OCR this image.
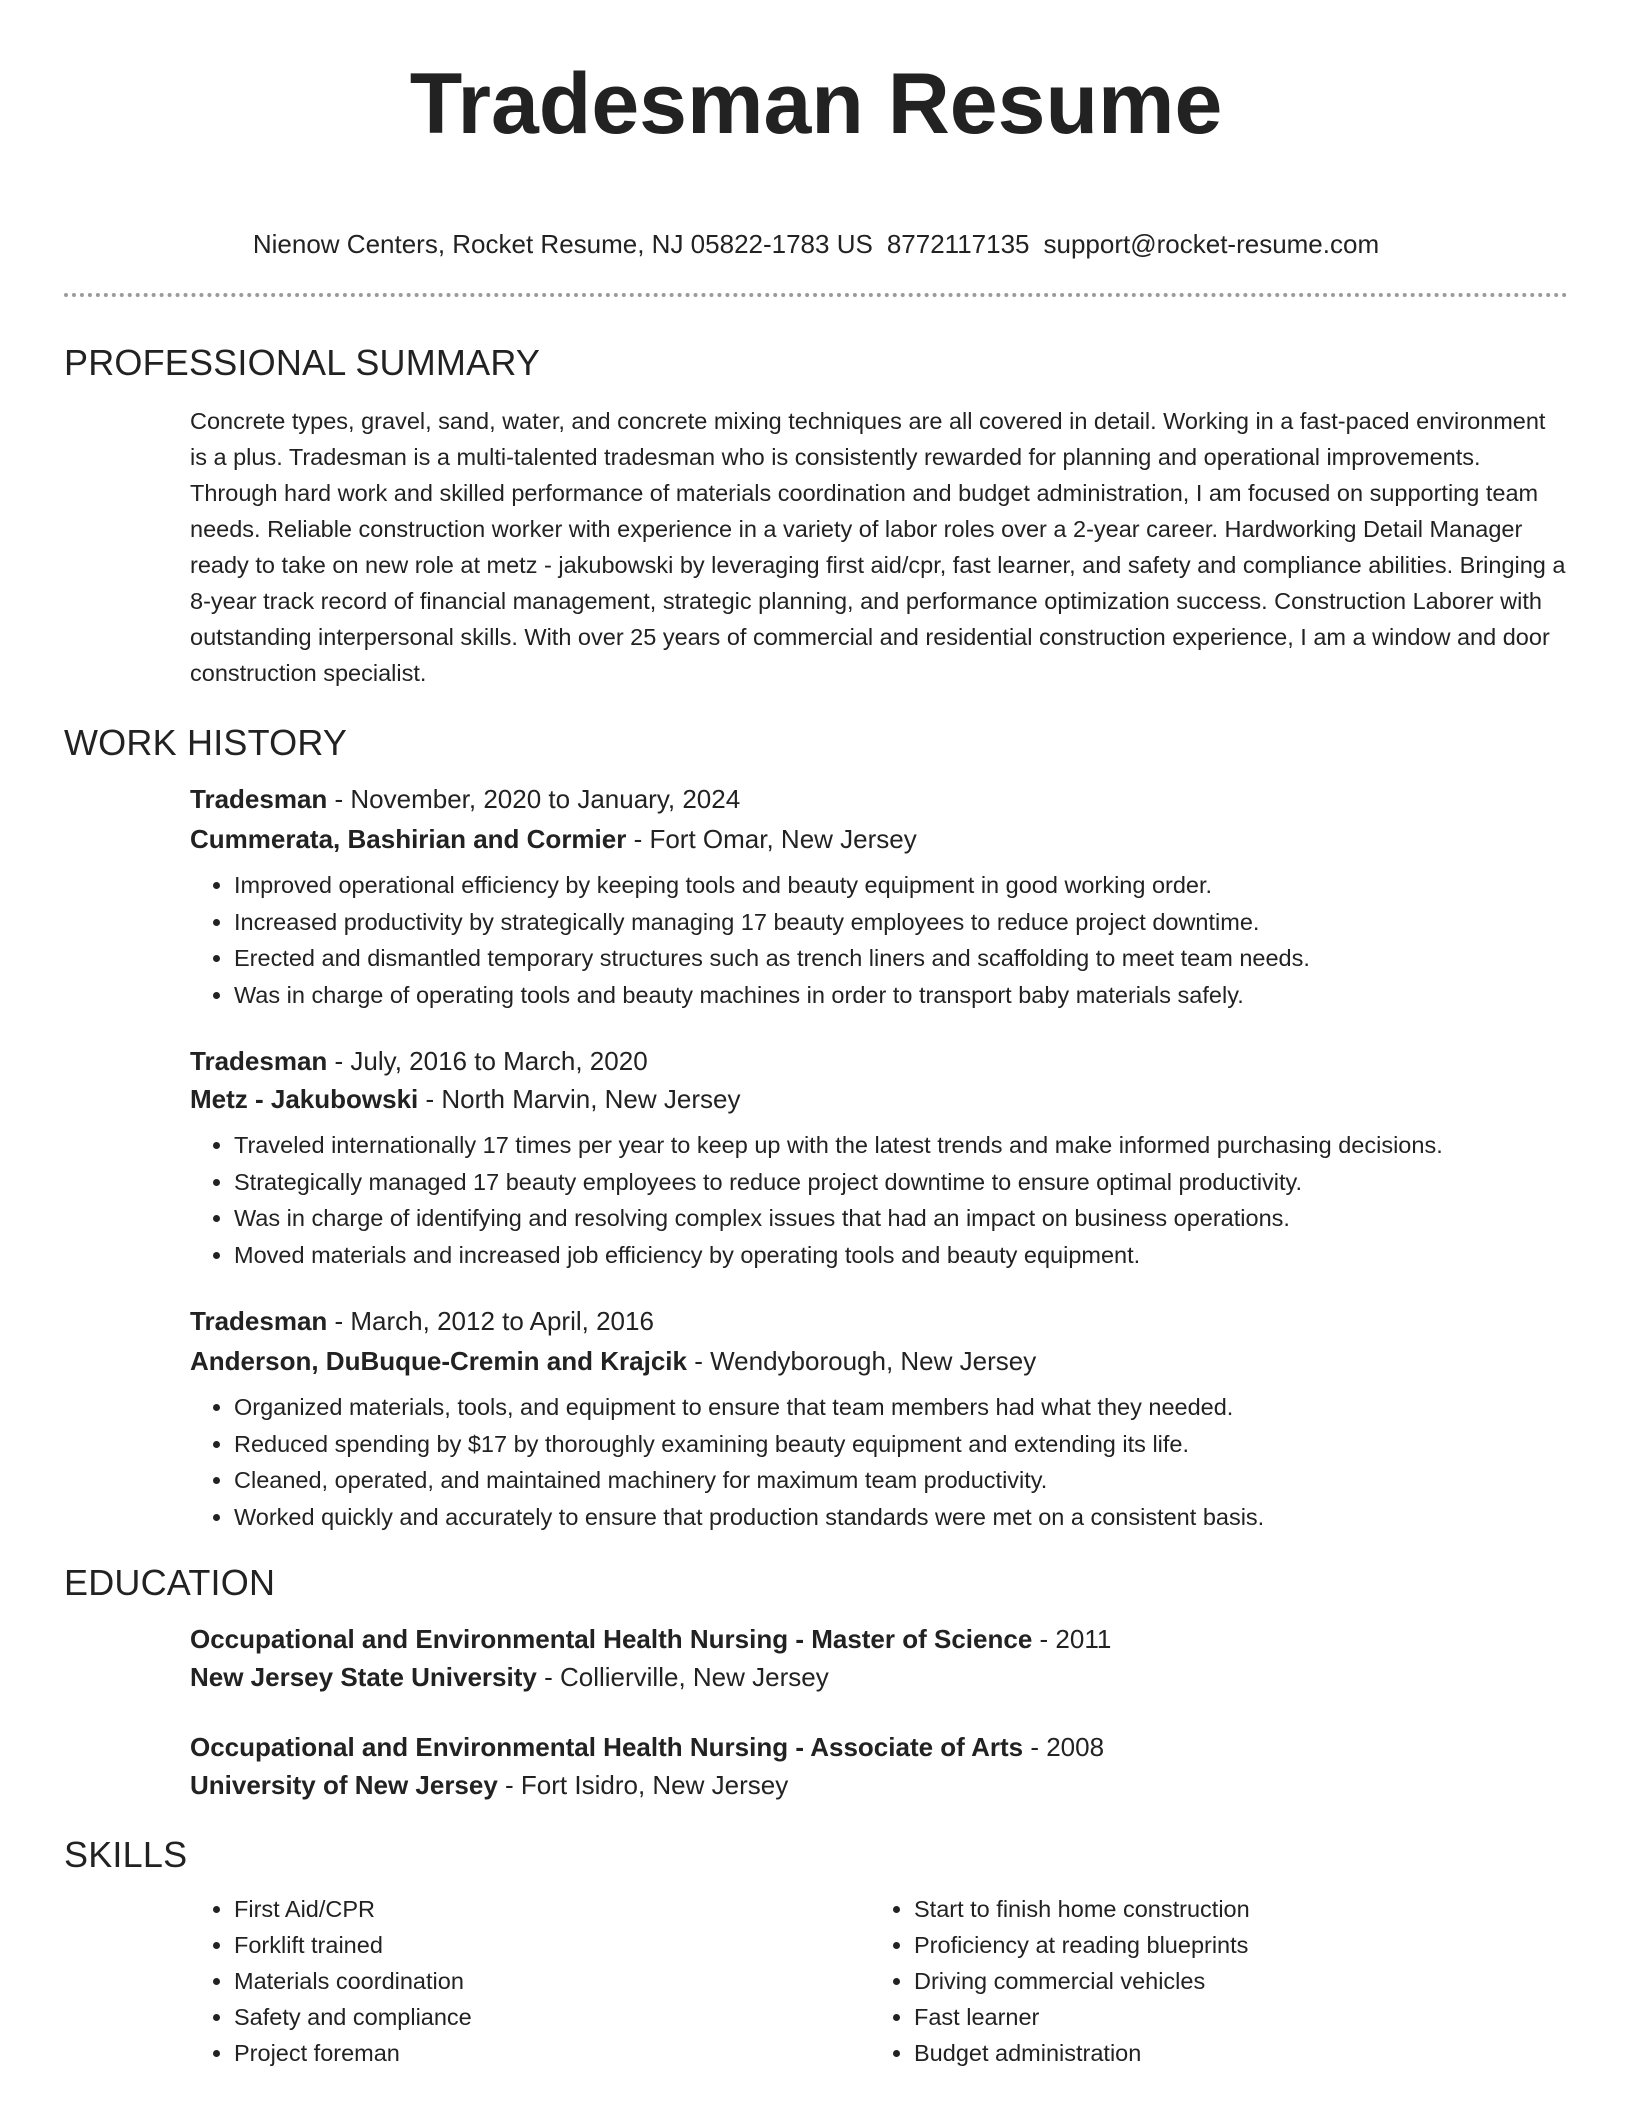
Tradesman Resume
Nienow Centers, Rocket Resume, NJ 05822-1783 US 8772117135 support@rocket-resume.com
PROFESSIONAL SUMMARY

Concrete types, gravel, sand, water, and concrete mixing techniques are all covered in detail. Working in a fast-paced environment is a plus. Tradesman is a multi-talented tradesman who is consistently rewarded for planning and operational improvements. Through hard work and skilled performance of materials coordination and budget administration, I am focused on supporting team needs. Reliable construction worker with experience in a variety of labor roles over a 2-year career. Hardworking Detail Manager ready to take on new role at metz - jakubowski by leveraging first aid/cpr, fast learner, and safety and compliance abilities. Bringing a 8-year track record of financial management, strategic planning, and performance optimization success. Construction Laborer with outstanding interpersonal skills. With over 25 years of commercial and residential construction experience, I am a window and door construction specialist.

WORK HISTORY

Tradesman - November, 2020 to January, 2024

Cummerata, Bashirian and Cormier - Fort Omar, New Jersey

• Improved operational efficiency by keeping tools and beauty equipment in good working order.
• Increased productivity by strategically managing 17 beauty employees to reduce project downtime.
• Erected and dismantled temporary structures such as trench liners and scaffolding to meet team needs.
• Was in charge of operating tools and beauty machines in order to transport baby materials safely.

Tradesman - July, 2016 to March, 2020

Metz - Jakubowski - North Marvin, New Jersey

• Traveled internationally 17 times per year to keep up with the latest trends and make informed purchasing decisions.
• Strategically managed 17 beauty employees to reduce project downtime to ensure optimal productivity.
• Was in charge of identifying and resolving complex issues that had an impact on business operations.
• Moved materials and increased job efficiency by operating tools and beauty equipment.

Tradesman - March, 2012 to April, 2016

Anderson, DuBuque-Cremin and Krajcik - Wendyborough, New Jersey

• Organized materials, tools, and equipment to ensure that team members had what they needed.
• Reduced spending by $17 by thoroughly examining beauty equipment and extending its life.
• Cleaned, operated, and maintained machinery for maximum team productivity.
• Worked quickly and accurately to ensure that production standards were met on a consistent basis.
EDUCATION

Occupational and Environmental Health Nursing - Master of Science - 2011

New Jersey State University - Collierville, New Jersey

Occupational and Environmental Health Nursing - Associate of Arts - 2008

University of New Jersey - Fort Isidro, New Jersey

SKILLS
• First Aid/CPR
• Forklift trained
• Materials coordination
• Safety and compliance
• Project foreman
• Start to finish home construction
• Proficiency at reading blueprints
• Driving commercial vehicles
• Fast learner
• Budget administration
